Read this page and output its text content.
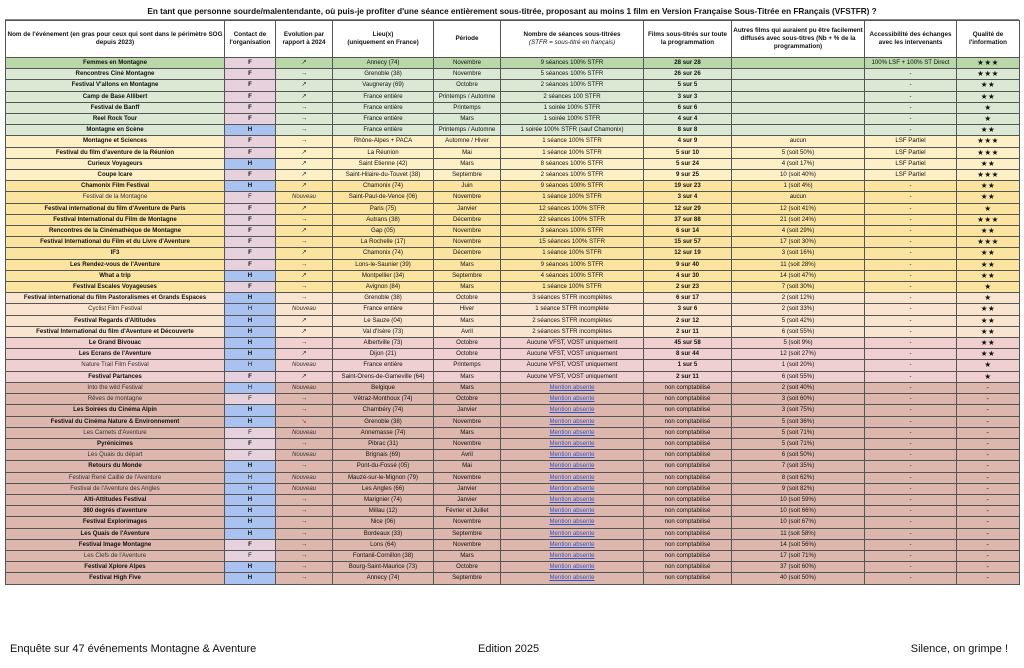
En tant que personne sourde/malentendante, où puis-je profiter d'une séance entièrement sous-titrée, proposant au moins 1 film en Version Française Sous-Titrée en FRançais (VFSTFR) ?
Nom de l'événement (en gras pour ceux qui sont dans le périmètre SOG depuis 2023)	Contact de l'organisation	Evolution par rapport à 2024	Lieu(x)
(uniquement en France)	Période	Nombre de séances sous-titrées
(STFR = sous-titré en français)	Films sous-titrés sur toute la programmation	Autres films qui auraient pu être facilement diffusés avec sous-titres (Nb + % de la programmation)	Accessibilité des échanges avec les intervenants	Qualité de l'information
Femmes en Montagne	F	↗	Annecy (74)	Novembre	9 séances 100% STFR	28 sur 28		100% LSF + 100% ST Direct	★★★
Rencontres Ciné Montagne	F	→	Grenoble (38)	Novembre	5 séances 100% STFR	26 sur 26		-	★★★
Festival V'allons en Montagne	F	↗	Vaugneray (69)	Octobre	2 séances 100% STFR	5 sur 5		-	★★
Camp de Base Allibert	F	↗	France entière	Printemps / Automne	2 séances 100 STFR	3 sur 3		-	★★
Festival de Banff	F	→	France entière	Printemps	1 soirée 100% STFR	6 sur 6		-	★
Reel Rock Tour	F	→	France entière	Mars	1 soirée 100% STFR	4 sur 4		-	★
Montagne en Scène	H	→	France entière	Printemps / Automne	1 soirée 100% STFR (sauf Chamonix)	8 sur 8		-	★★
Montagne et Sciences	F	→	Rhône-Alpes + PACA	Automne / Hiver	1 séance 100% STFR	4 sur 9	aucun	LSF Partiel	★★★
Festival du film d'aventure de la Réunion	F	↗	La Réunion	Mai	1 séance 100% STFR	5 sur 10	5 (soit 50%)	LSF Partiel	★★★
Curieux Voyageurs	H	↗	Saint Etienne (42)	Mars	8 séances 100% STFR	5 sur 24	4 (soit 17%)	LSF Partiel	★★
Coupe Icare	F	↗	Saint-Hilaire-du-Touvet (38)	Septembre	2 séances 100% STFR	9 sur 25	10 (soit 40%)	LSF Partiel	★★★
Chamonix Film Festival	H	↗	Chamonix (74)	Juin	9 séances 100% STFR	19 sur 23	1 (soit 4%)	-	★★
Festival de la Montagne	F	Nouveau	Saint-Paul-de-Vence (06)	Novembre	1 séance 100% STFR	3 sur 4	aucun	-	★★
Festival international du film d'Aventure de Paris	F	↗	Paris (75)	Janvier	12 séances 100% STFR	12 sur 29	12 (soit 41%)	-	★
Festival International du Film de Montagne	F	→	Autrans (38)	Décembre	22 séances 100% STFR	37 sur 88	21 (soit 24%)	-	★★★
Rencontres de la Cinémathèque de Montagne	F	↗	Gap (05)	Novembre	3 séances 100% STFR	6 sur 14	4 (soit 29%)	-	★★
Festival International du Film et du Livre d'Aventure	F	→	La Rochelle (17)	Novembre	15 séances 100% STFR	15 sur 57	17 (soit 30%)	-	★★★
IF3	F	↗	Chamonix (74)	Décembre	1 séance 100% STFR	12 sur 19	3 (soit 16%)	-	★★
Les Rendez-vous de l'Aventure	F	→	Lons-le-Saunier (39)	Mars	9 séances 100% STFR	9 sur 40	11 (soit 28%)	-	★★
What a trip	H	↗	Montpellier (34)	Septembre	4 séances 100% STFR	4 sur 30	14 (soit 47%)	-	★★
Festival Escales Voyageuses	F	→	Avignon (84)	Mars	1 séance 100% STFR	2 sur 23	7 (soit 30%)	-	★
Festival international du film Pastoralismes et Grands Espaces	H	→	Grenoble (38)	Octobre	3 séances STFR incomplètes	6 sur 17	2 (soit 12%)	-	★
Cyclist Film Festival	H	Nouveau	France entière	Hiver	1 séance STFR incomplète	3 sur 6	2 (soit 33%)	-	★★
Festival Regards d'Altitudes	H	↗	Le Sauze (04)	Mars	2 séances STFR incomplètes	2 sur 12	5 (soit 42%)	-	★★
Festival International du film d'Aventure et Découverte	H	↗	Val d'Isère (73)	Avril	2 séances STFR incomplètes	2 sur 11	6 (soit 55%)	-	★★
Le Grand Bivouac	H	→	Albertville (73)	Octobre	Aucune VFST, VOST uniquement	45 sur 58	5 (soit 9%)	-	★★
Les Ecrans de l'Aventure	H	↗	Dijon (21)	Octobre	Aucune VFST, VOST uniquement	8 sur 44	12 (soit 27%)	-	★★
Nature Trail Film Festival	H	Nouveau	France entière	Printemps	Aucune VFST, VOST uniquement	1 sur 5	1 (soit 20%)	-	★
Festival Partances	F	↗	Saint-Orens-de-Gameville (64)	Mars	Aucune VFST, VOST uniquement	2 sur 11	6 (soit 55%)	-	★
Into the wild Festival	H	Nouveau	Belgique	Mars	Mention absente	non comptabilisé	2 (soit 40%)	-	-
Rêves de montagne	F	→	Vétraz-Monthoux (74)	Octobre	Mention absente	non comptabilisé	3 (soit 60%)	-	-
Les Soirées du Cinéma Alpin	H	→	Chambéry (74)	Janvier	Mention absente	non comptabilisé	3 (soit 75%)	-	-
Festival du Cinéma Nature & Environnement	H	↘	Grenoble (38)	Novembre	Mention absente	non comptabilisé	5 (soit 36%)	-	-
Les Carnets d'Aventure	F	Nouveau	Annemasse (74)	Mars	Mention absente	non comptabilisé	5 (soit 71%)	-	-
Pyrénicimes	F	→	Pibrac (31)	Novembre	Mention absente	non comptabilisé	5 (soit 71%)	-	-
Les Quais du départ	F	Nouveau	Brignais (69)	Avril	Mention absente	non comptabilisé	6 (soit 50%)	-	-
Retours du Monde	H	→	Pont-du-Fossé (05)	Mai	Mention absente	non comptabilisé	7 (soit 35%)	-	-
Festival René Caillié de l'Aventure	H	Nouveau	Mauzé-sur-le-Mignon (79)	Novembre	Mention absente	non comptabilisé	8 (soit 62%)	-	-
Festival de l'Aventure des Angles	H	Nouveau	Les Angles (66)	Janvier	Mention absente	non comptabilisé	9 (soit 82%)	-	-
Alti-Attitudes Festival	H	→	Marignier (74)	Janvier	Mention absente	non comptabilisé	10 (soit 59%)	-	-
360 degrés d'aventure	H	→	Millau (12)	Février et Juillet	Mention absente	non comptabilisé	10 (soit 66%)	-	-
Festival Explorimages	H	→	Nice (06)	Novembre	Mention absente	non comptabilisé	10 (soit 67%)	-	-
Les Quais de l'Aventure	H	→	Bordeaux (33)	Septembre	Mention absente	non comptabilisé	11 (soit 58%)	-	-
Festival Image Montagne	F	→	Lons (64)	Novembre	Mention absente	non comptabilisé	14 (soit 56%)	-	-
Les Clefs de l'Aventure	F	→	Fontanil-Cornillon (38)	Mars	Mention absente	non comptabilisé	17 (soit 71%)	-	-
Festival Xplore Alpes	H	→	Bourg-Saint-Maurice (73)	Octobre	Mention absente	non comptabilisé	37 (soit 60%)	-	-
Festival High Five	H	→	Annecy (74)	Septembre	Mention absente	non comptabilisé	40 (soit 50%)	-	-
Enquête sur 47 événements Montagne & Aventure	Edition 2025	Silence, on grimpe !
